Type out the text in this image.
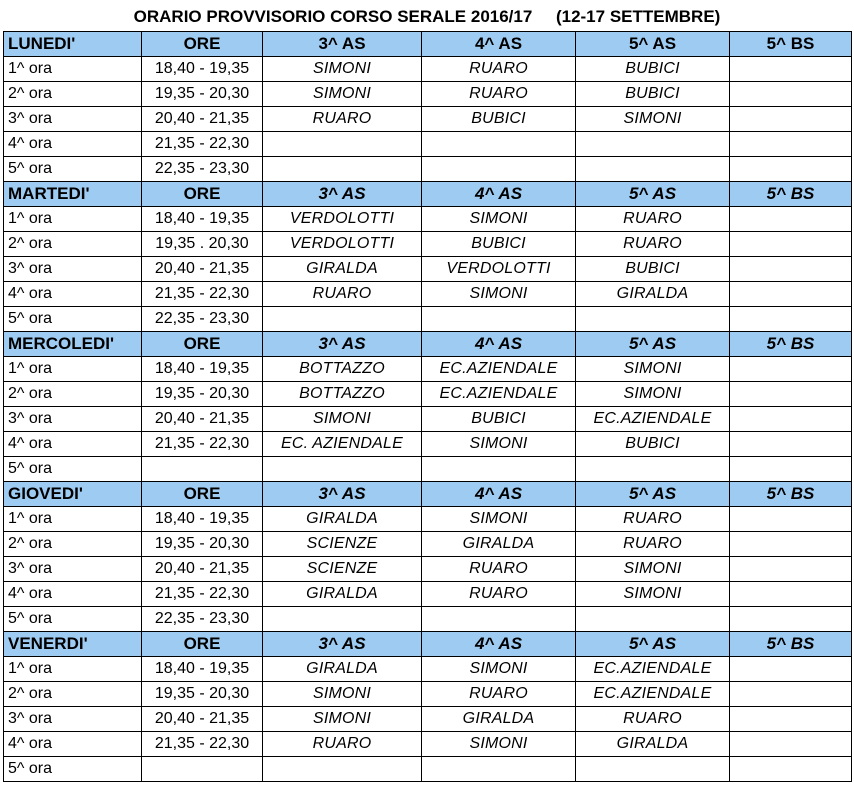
ORARIO PROVVISORIO CORSO SERALE 2016/17 (12-17 SETTEMBRE)
LUNEDI'	ORE	3^ AS	4^ AS	5^ AS	5^ BS
1^ ora	18,40 - 19,35	SIMONI	RUARO	BUBICI	
2^ ora	19,35 - 20,30	SIMONI	RUARO	BUBICI	
3^ ora	20,40 - 21,35	RUARO	BUBICI	SIMONI	
4^ ora	21,35 - 22,30				
5^ ora	22,35 - 23,30				
MARTEDI'	ORE	3^ AS	4^ AS	5^ AS	5^ BS
1^ ora	18,40 - 19,35	VERDOLOTTI	SIMONI	RUARO	
2^ ora	19,35 . 20,30	VERDOLOTTI	BUBICI	RUARO	
3^ ora	20,40 - 21,35	GIRALDA	VERDOLOTTI	BUBICI	
4^ ora	21,35 - 22,30	RUARO	SIMONI	GIRALDA	
5^ ora	22,35 - 23,30				
MERCOLEDI'	ORE	3^ AS	4^ AS	5^ AS	5^ BS
1^ ora	18,40 - 19,35	BOTTAZZO	EC.AZIENDALE	SIMONI	
2^ ora	19,35 - 20,30	BOTTAZZO	EC.AZIENDALE	SIMONI	
3^ ora	20,40 - 21,35	SIMONI	BUBICI	EC.AZIENDALE	
4^ ora	21,35 - 22,30	EC. AZIENDALE	SIMONI	BUBICI	
5^ ora					
GIOVEDI'	ORE	3^ AS	4^ AS	5^ AS	5^ BS
1^ ora	18,40 - 19,35	GIRALDA	SIMONI	RUARO	
2^ ora	19,35 - 20,30	SCIENZE	GIRALDA	RUARO	
3^ ora	20,40 - 21,35	SCIENZE	RUARO	SIMONI	
4^ ora	21,35 - 22,30	GIRALDA	RUARO	SIMONI	
5^ ora	22,35 - 23,30				
VENERDI'	ORE	3^ AS	4^ AS	5^ AS	5^ BS
1^ ora	18,40 - 19,35	GIRALDA	SIMONI	EC.AZIENDALE	
2^ ora	19,35 - 20,30	SIMONI	RUARO	EC.AZIENDALE	
3^ ora	20,40 - 21,35	SIMONI	GIRALDA	RUARO	
4^ ora	21,35 - 22,30	RUARO	SIMONI	GIRALDA	
5^ ora					
